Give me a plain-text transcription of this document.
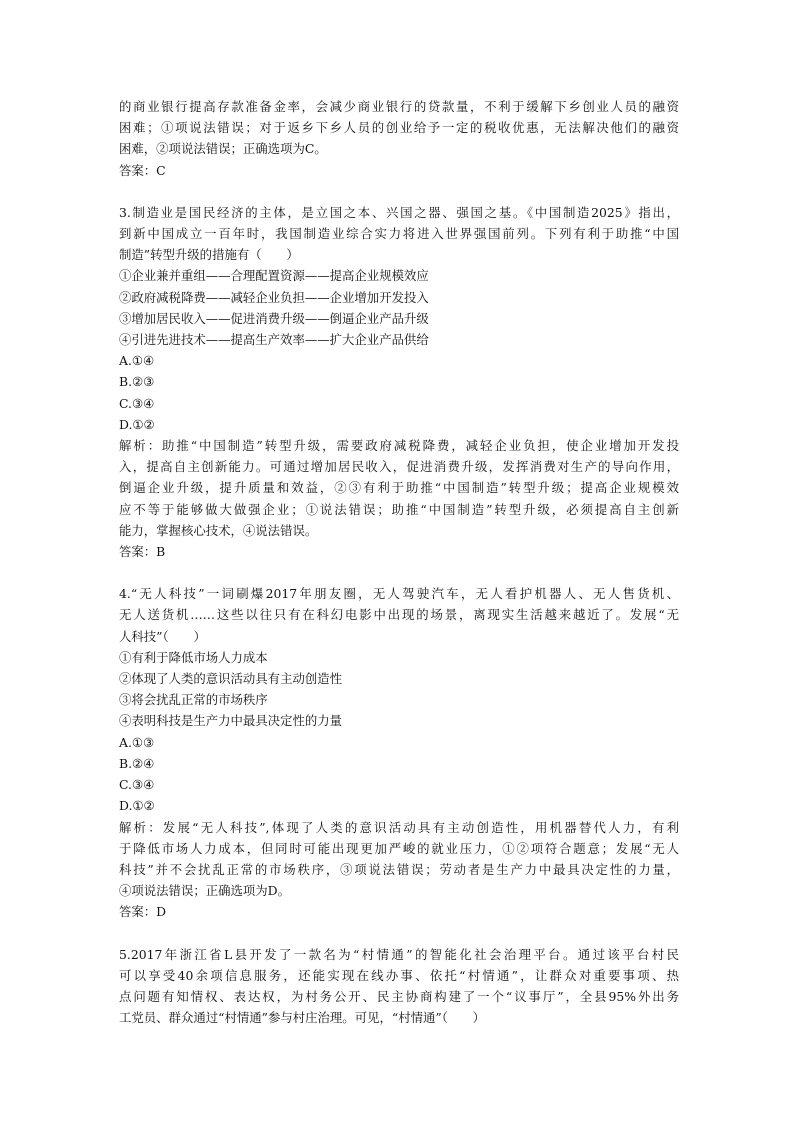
的商业银行提高存款准备金率，会减少商业银行的贷款量，不利于缓解下乡创业人员的融资
困难；①项说法错误；对于返乡下乡人员的创业给予一定的税收优惠，无法解决他们的融资
困难，②项说法错误；正确选项为C。
答案：C
3.制造业是国民经济的主体，是立国之本、兴国之器、强国之基。《中国制造2025》指出，
到新中国成立一百年时，我国制造业综合实力将进入世界强国前列。下列有利于助推“中国
制造”转型升级的措施有（　　）
①企业兼并重组——合理配置资源——提高企业规模效应
②政府减税降费——减轻企业负担——企业增加开发投入
③增加居民收入——促进消费升级——倒逼企业产品升级
④引进先进技术——提高生产效率——扩大企业产品供给
A.①④
B.②③
C.③④
D.①②
解析：助推“中国制造”转型升级，需要政府减税降费，减轻企业负担，使企业增加开发投
入，提高自主创新能力。可通过增加居民收入，促进消费升级，发挥消费对生产的导向作用，
倒逼企业升级，提升质量和效益，②③有利于助推“中国制造”转型升级；提高企业规模效
应不等于能够做大做强企业；①说法错误；助推“中国制造”转型升级，必须提高自主创新
能力，掌握核心技术，④说法错误。
答案：B
4.“无人科技”一词刷爆2017年朋友圈，无人驾驶汽车，无人看护机器人、无人售货机、
无人送货机……这些以往只有在科幻电影中出现的场景，离现实生活越来越近了。发展“无
人科技”（　　）
①有利于降低市场人力成本
②体现了人类的意识活动具有主动创造性
③将会扰乱正常的市场秩序
④表明科技是生产力中最具决定性的力量
A.①③
B.②④
C.③④
D.①②
解析：发展“无人科技”,体现了人类的意识活动具有主动创造性，用机器替代人力，有利
于降低市场人力成本，但同时可能出现更加严峻的就业压力，①②项符合题意；发展“无人
科技”并不会扰乱正常的市场秩序，③项说法错误；劳动者是生产力中最具决定性的力量，
④项说法错误；正确选项为D。
答案：D
5.2017年浙江省L县开发了一款名为“村情通”的智能化社会治理平台。通过该平台村民
可以享受40余项信息服务，还能实现在线办事、依托“村情通”，让群众对重要事项、热
点问题有知情权、表达权，为村务公开、民主协商构建了一个“议事厅”，全县95%外出务
工党员、群众通过“村情通”参与村庄治理。可见，“村情通”（　　）
